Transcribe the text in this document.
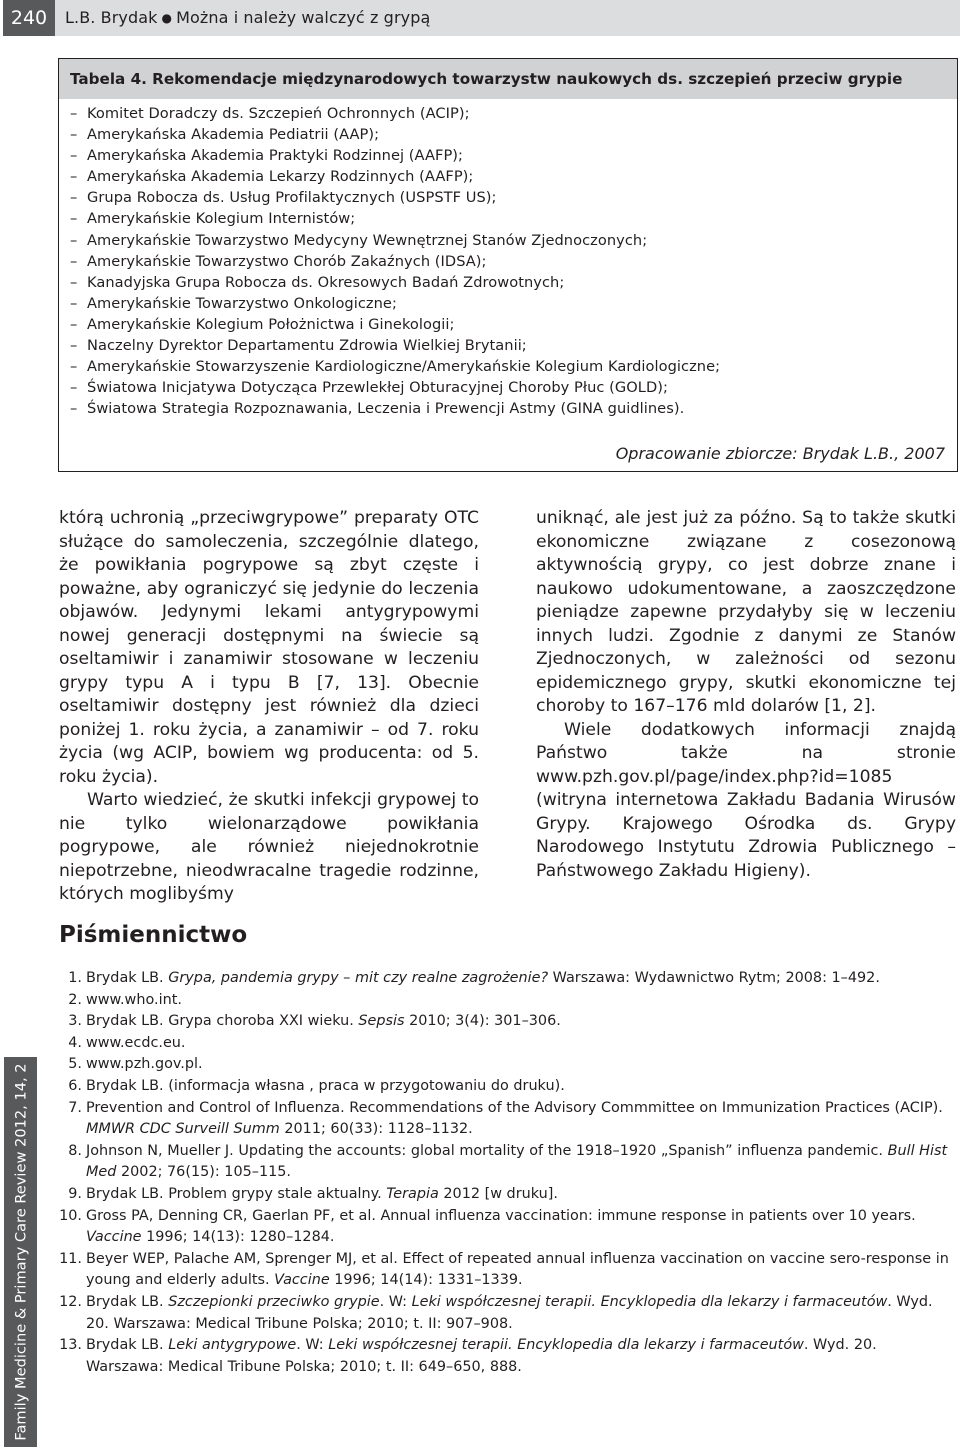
240	L.B. Brydak ● Można i należy walczyć z grypą
Tabela 4. Rekomendacje międzynarodowych towarzystw naukowych ds. szczepień przeciw grypie
– Komitet Doradczy ds. Szczepień Ochronnych (ACIP);
– Amerykańska Akademia Pediatrii (AAP);
– Amerykańska Akademia Praktyki Rodzinnej (AAFP);
– Amerykańska Akademia Lekarzy Rodzinnych (AAFP);
– Grupa Robocza ds. Usług Profilaktycznych (USPSTF US);
– Amerykańskie Kolegium Internistów;
– Amerykańskie Towarzystwo Medycyny Wewnętrznej Stanów Zjednoczonych;
– Amerykańskie Towarzystwo Chorób Zakaźnych (IDSA);
– Kanadyjska Grupa Robocza ds. Okresowych Badań Zdrowotnych;
– Amerykańskie Towarzystwo Onkologiczne;
– Amerykańskie Kolegium Położnictwa i Ginekologii;
– Naczelny Dyrektor Departamentu Zdrowia Wielkiej Brytanii;
– Amerykańskie Stowarzyszenie Kardiologiczne/Amerykańskie Kolegium Kardiologiczne;
– Światowa Inicjatywa Dotycząca Przewlekłej Obturacyjnej Choroby Płuc (GOLD);
– Światowa Strategia Rozpoznawania, Leczenia i Prewencji Astmy (GINA guidlines).
Opracowanie zbiorcze: Brydak L.B., 2007

którą uchronią „przeciwgrypowe” preparaty OTC służące do samoleczenia, szczególnie dlatego, że powikłania pogrypowe są zbyt częste i poważne, aby ograniczyć się jedynie do leczenia objawów. Jedynymi lekami antygrypowymi nowej generacji dostępnymi na świecie są oseltamiwir i zanamiwir stosowane w leczeniu grypy typu A i typu B [7, 13]. Obecnie oseltamiwir dostępny jest również dla dzieci poniżej 1. roku życia, a zanamiwir – od 7. roku życia (wg ACIP, bowiem wg producenta: od 5. roku życia).

Warto wiedzieć, że skutki infekcji grypowej to nie tylko wielonarządowe powikłania pogrypowe, ale również niejednokrotnie niepotrzebne, nieodwracalne tragedie rodzinne, których moglibyśmy

uniknąć, ale jest już za późno. Są to także skutki ekonomiczne związane z cosezonową aktywnością grypy, co jest dobrze znane i naukowo udokumentowane, a zaoszczędzone pieniądze zapewne przydałyby się w leczeniu innych ludzi. Zgodnie z danymi ze Stanów Zjednoczonych, w zależności od sezonu epidemicznego grypy, skutki ekonomiczne tej choroby to 167–176 mld dolarów [1, 2].

Wiele dodatkowych informacji znajdą Państwo także na stronie www.pzh.gov.pl/page/index.php?id=1085 (witryna internetowa Zakładu Badania Wirusów Grypy. Krajowego Ośrodka ds. Grypy Narodowego Instytutu Zdrowia Publicznego – Państwowego Zakładu Higieny).

Piśmiennictwo
1. Brydak LB. Grypa, pandemia grypy – mit czy realne zagrożenie? Warszawa: Wydawnictwo Rytm; 2008: 1–492.
2. www.who.int.
3. Brydak LB. Grypa choroba XXI wieku. Sepsis 2010; 3(4): 301–306.
4. www.ecdc.eu.
5. www.pzh.gov.pl.
6. Brydak LB. (informacja własna , praca w przygotowaniu do druku).
7. Prevention and Control of Influenza. Recommendations of the Advisory Commmittee on Immunization Practices (ACIP). MMWR CDC Surveill Summ 2011; 60(33): 1128–1132.
8. Johnson N, Mueller J. Updating the accounts: global mortality of the 1918–1920 „Spanish” influenza pandemic. Bull Hist Med 2002; 76(15): 105–115.
9. Brydak LB. Problem grypy stale aktualny. Terapia 2012 [w druku].
10. Gross PA, Denning CR, Gaerlan PF, et al. Annual influenza vaccination: immune response in patients over 10 years. Vaccine 1996; 14(13): 1280–1284.
11. Beyer WEP, Palache AM, Sprenger MJ, et al. Effect of repeated annual influenza vaccination on vaccine sero-response in young and elderly adults. Vaccine 1996; 14(14): 1331–1339.
12. Brydak LB. Szczepionki przeciwko grypie. W: Leki współczesnej terapii. Encyklopedia dla lekarzy i farmaceutów. Wyd. 20. Warszawa: Medical Tribune Polska; 2010; t. II: 907–908.
13. Brydak LB. Leki antygrypowe. W: Leki współczesnej terapii. Encyklopedia dla lekarzy i farmaceutów. Wyd. 20. Warszawa: Medical Tribune Polska; 2010; t. II: 649–650, 888.
Family Medicine & Primary Care Review 2012, 14, 2
